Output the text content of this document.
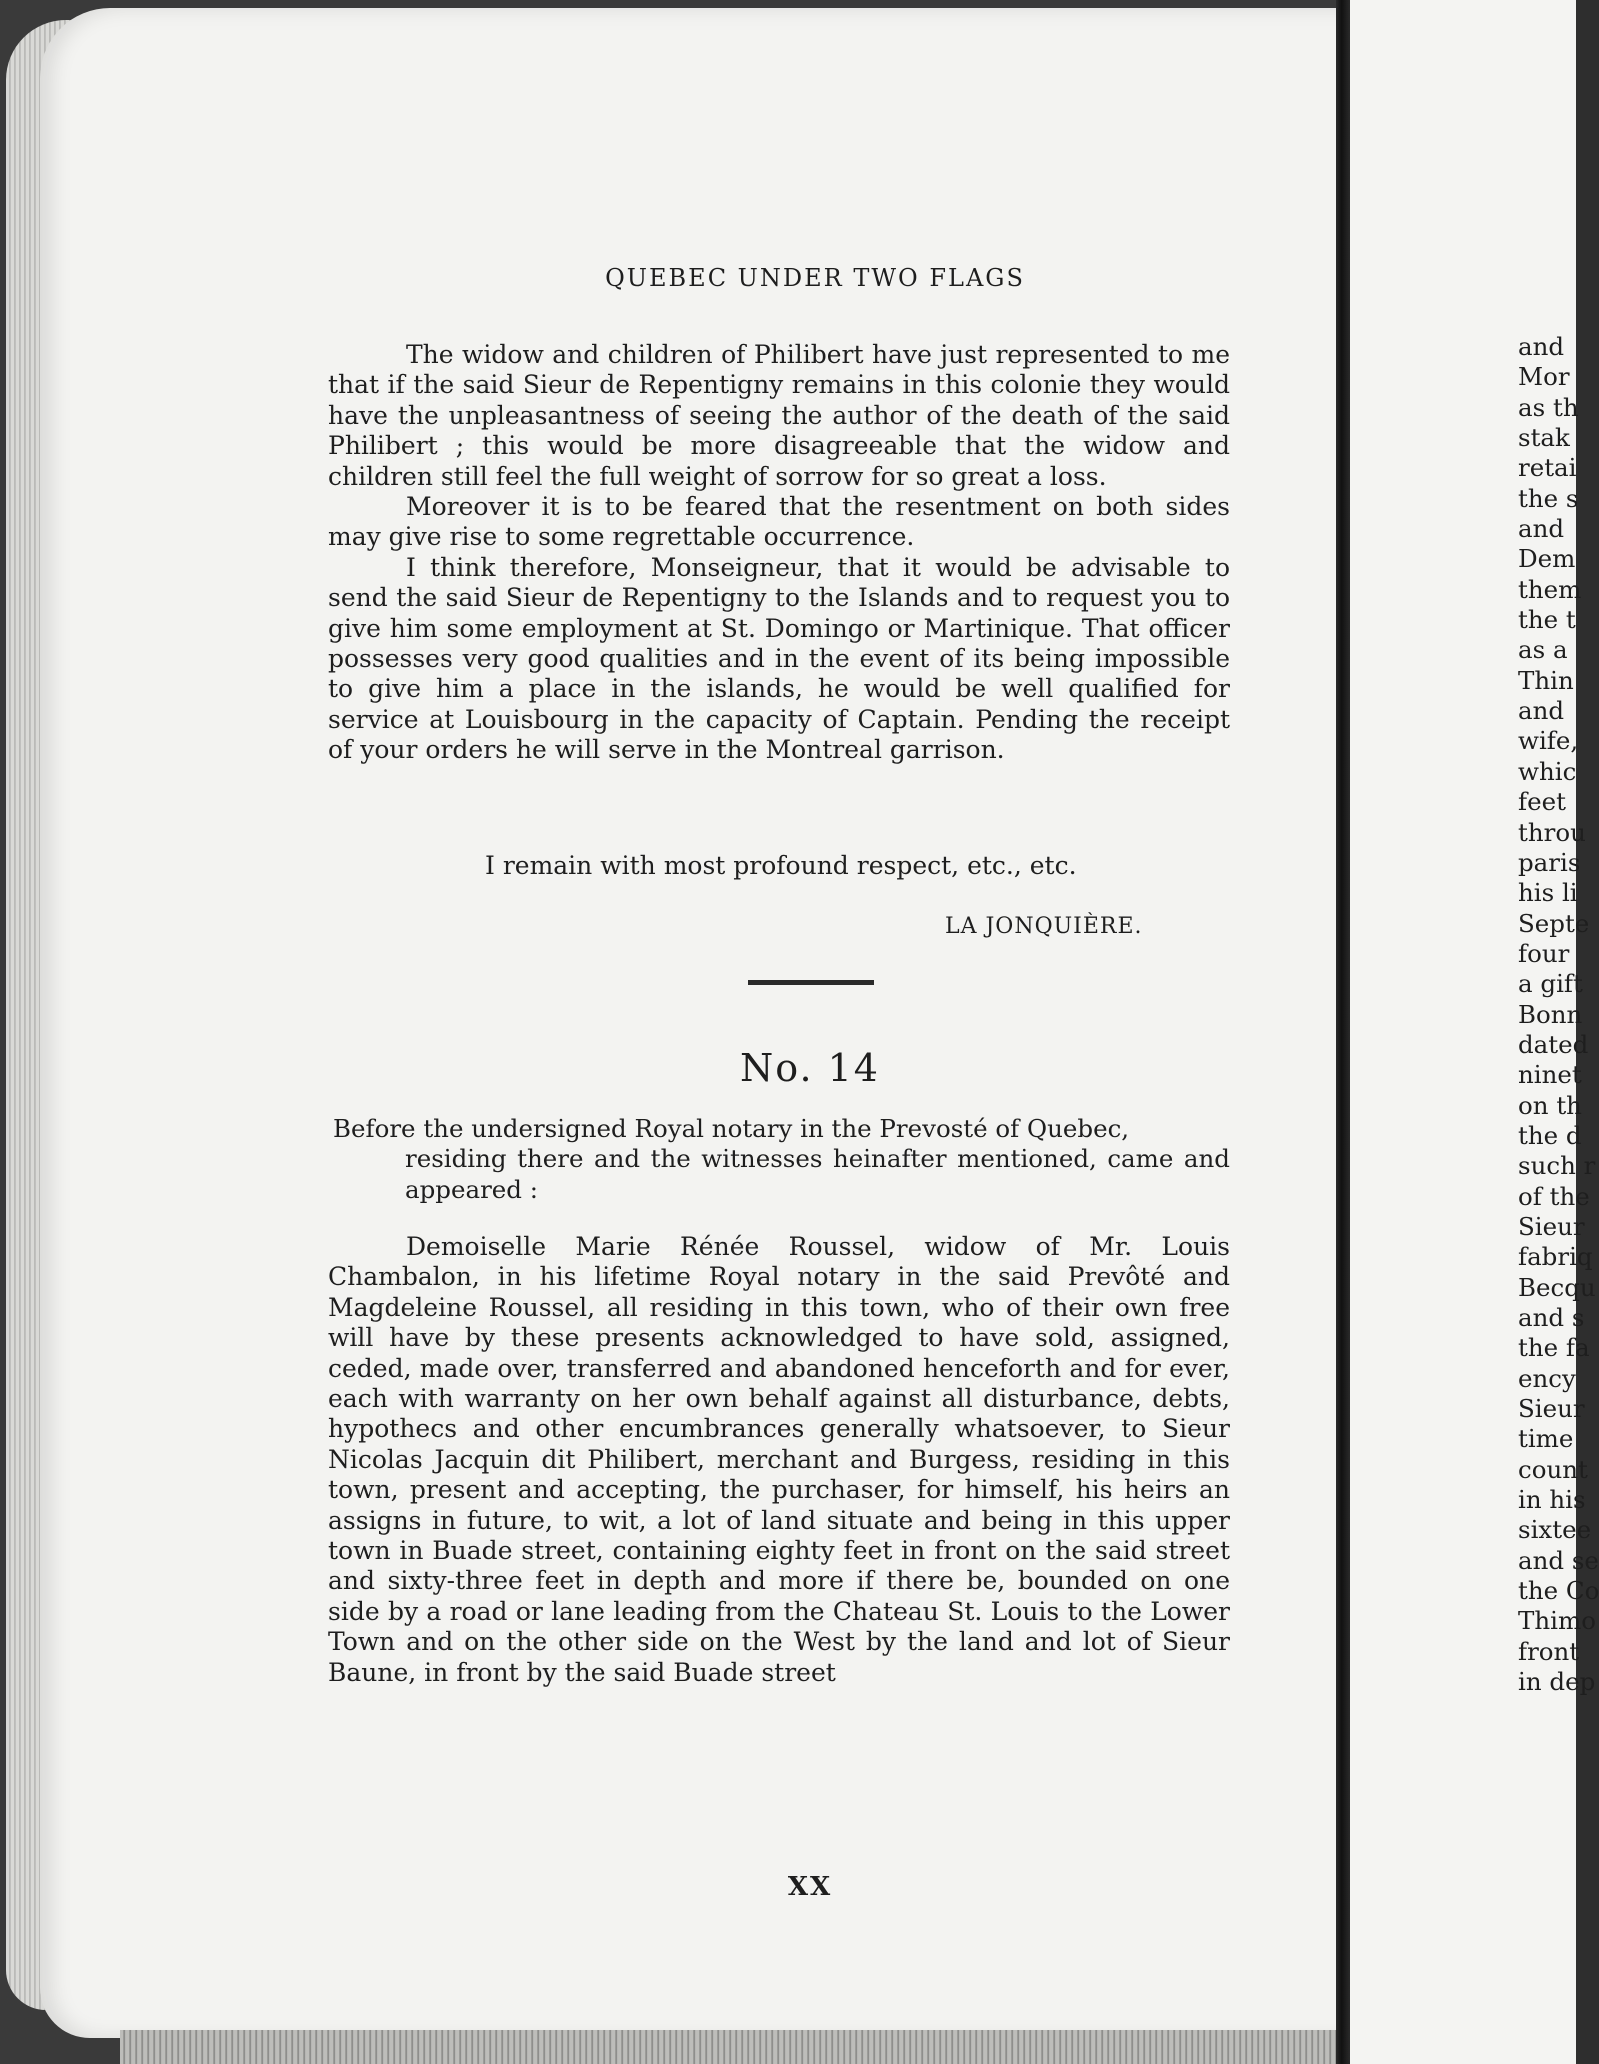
QUEBEC UNDER TWO FLAGS

The widow and children of Philibert have just represented to me that if the said Sieur de Repentigny remains in this colonie they would have the unpleasantness of seeing the author of the death of the said Philibert ; this would be more disagreeable that the widow and children still feel the full weight of sorrow for so great a loss.

Moreover it is to be feared that the resentment on both sides may give rise to some regrettable occurrence.

I think therefore, Monseigneur, that it would be advisable to send the said Sieur de Repentigny to the Islands and to request you to give him some employment at St. Domingo or Martinique. That officer possesses very good qualities and in the event of its being impossible to give him a place in the islands, he would be well qualified for service at Louisbourg in the capacity of Captain. Pending the receipt of your orders he will serve in the Montreal garrison.

I remain with most profound respect, etc., etc.
LA JONQUIÈRE.
No. 14
Before the undersigned Royal notary in the Prevosté of Quebec,
residing there and the witnesses heinafter mentioned, came and appeared :

Demoiselle Marie Rénée Roussel, widow of Mr. Louis Chambalon, in his lifetime Royal notary in the said Prevôté and Magdeleine Roussel, all residing in this town, who of their own free will have by these presents acknowledged to have sold, assigned, ceded, made over, transferred and abandoned henceforth and for ever, each with warranty on her own behalf against all disturbance, debts, hypothecs and other encumbrances generally whatsoever, to Sieur Nicolas Jacquin dit Philibert, merchant and Burgess, residing in this town, present and accepting, the purchaser, for himself, his heirs an assigns in future, to wit, a lot of land situate and being in this upper town in Buade street, containing eighty feet in front on the said street and sixty-three feet in depth and more if there be, bounded on one side by a road or lane leading from the Chateau St. Louis to the Lower Town and on the other side on the West by the land and lot of Sieur Baune, in front by the said Buade street

XX
and
Mor
as th
stak
retai
the s
and
Dem
them
the t
as a
Thin
and
wife,
whic
feet
throu
paris
his li
Septe
four
a gift
Bonn
dated
ninet
on th
the d
such r
of the
Sieur
fabriq
Becqu
and s
the fa
ency
Sieur
time
count
in his
sixtee
and se
the Co
Thimo
front
in dep
